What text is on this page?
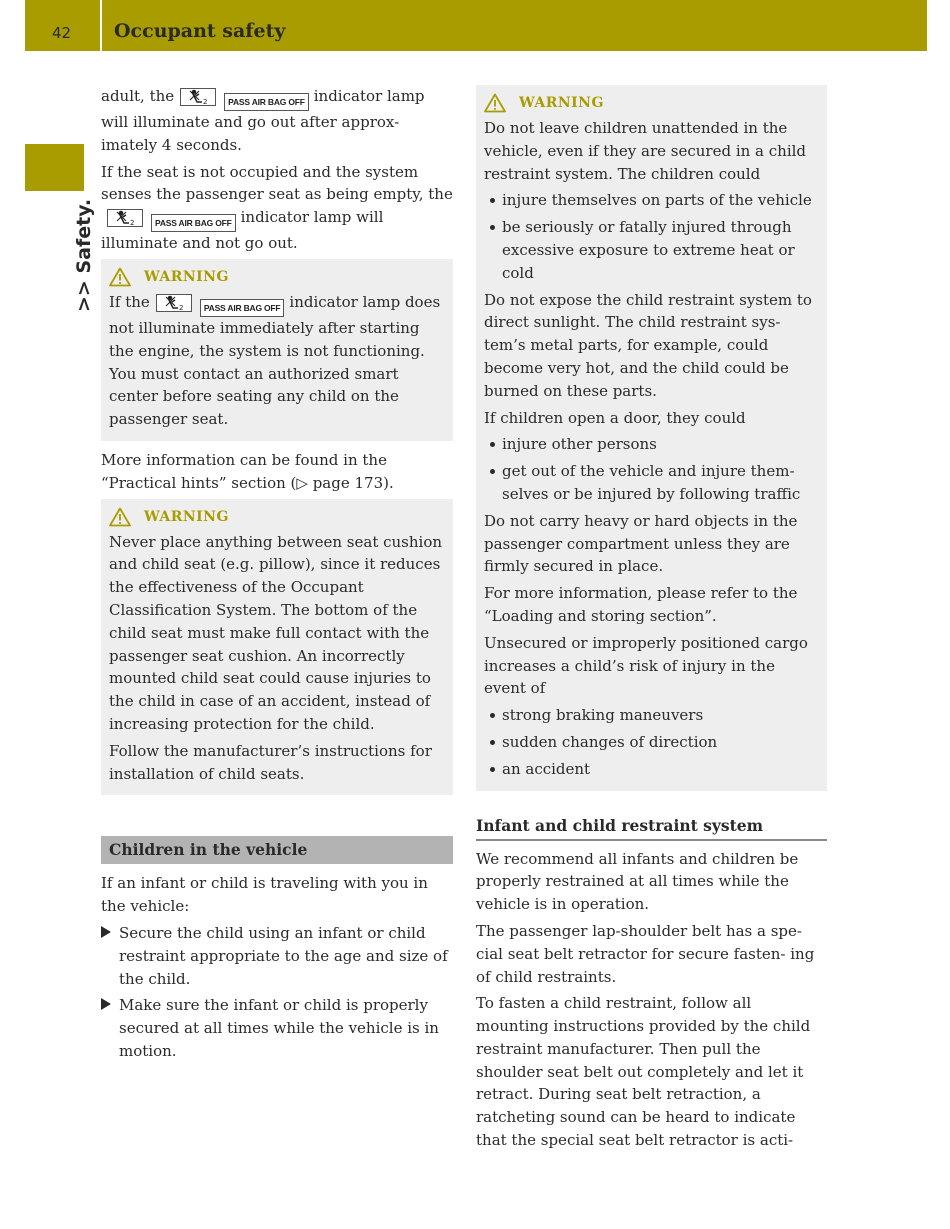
42	Occupant safety
>> Safety.

adult, the	2 PASS AIR BAG OFF indicator lamp will illuminate and go out after approx- imately 4 seconds.

If the seat is not occupied and the system senses the passenger seat as being empty, the
2 PASS AIR BAG OFF indicator lamp will illuminate and not go out.

WARNING

If the	2 PASS AIR BAG OFF indicator lamp does not illuminate immediately after starting the engine, the system is not functioning. You must contact an authorized smart center before seating any child on the passenger seat.

More information can be found in the “Practical hints” section (▷ page 173).

WARNING

Never place anything between seat cushion and child seat (e.g. pillow), since it reduces the effectiveness of the Occupant Classification System. The bottom of the child seat must make full contact with the passenger seat cushion. An incorrectly mounted child seat could cause injuries to the child in case of an accident, instead of increasing protection for the child.

Follow the manufacturer’s instructions for installation of child seats.

Children in the vehicle

If an infant or child is traveling with you in the vehicle:

Secure the child using an infant or child restraint appropriate to the age and size of the child.
Make sure the infant or child is properly secured at all times while the vehicle is in motion.
WARNING

Do not leave children unattended in the vehicle, even if they are secured in a child restraint system. The children could

injure themselves on parts of the vehicle
be seriously or fatally injured through excessive exposure to extreme heat or cold

Do not expose the child restraint system to direct sunlight. The child restraint sys- tem’s metal parts, for example, could become very hot, and the child could be burned on these parts.

If children open a door, they could

injure other persons
get out of the vehicle and injure them- selves or be injured by following traffic

Do not carry heavy or hard objects in the passenger compartment unless they are firmly secured in place.

For more information, please refer to the “Loading and storing section”.

Unsecured or improperly positioned cargo increases a child’s risk of injury in the event of

strong braking maneuvers
sudden changes of direction
an accident
Infant and child restraint system

We recommend all infants and children be properly restrained at all times while the vehicle is in operation.

The passenger lap-shoulder belt has a spe- cial seat belt retractor for secure fasten- ing of child restraints.

To fasten a child restraint, follow all mounting instructions provided by the child restraint manufacturer. Then pull the shoulder seat belt out completely and let it retract. During seat belt retraction, a ratcheting sound can be heard to indicate that the special seat belt retractor is acti-
